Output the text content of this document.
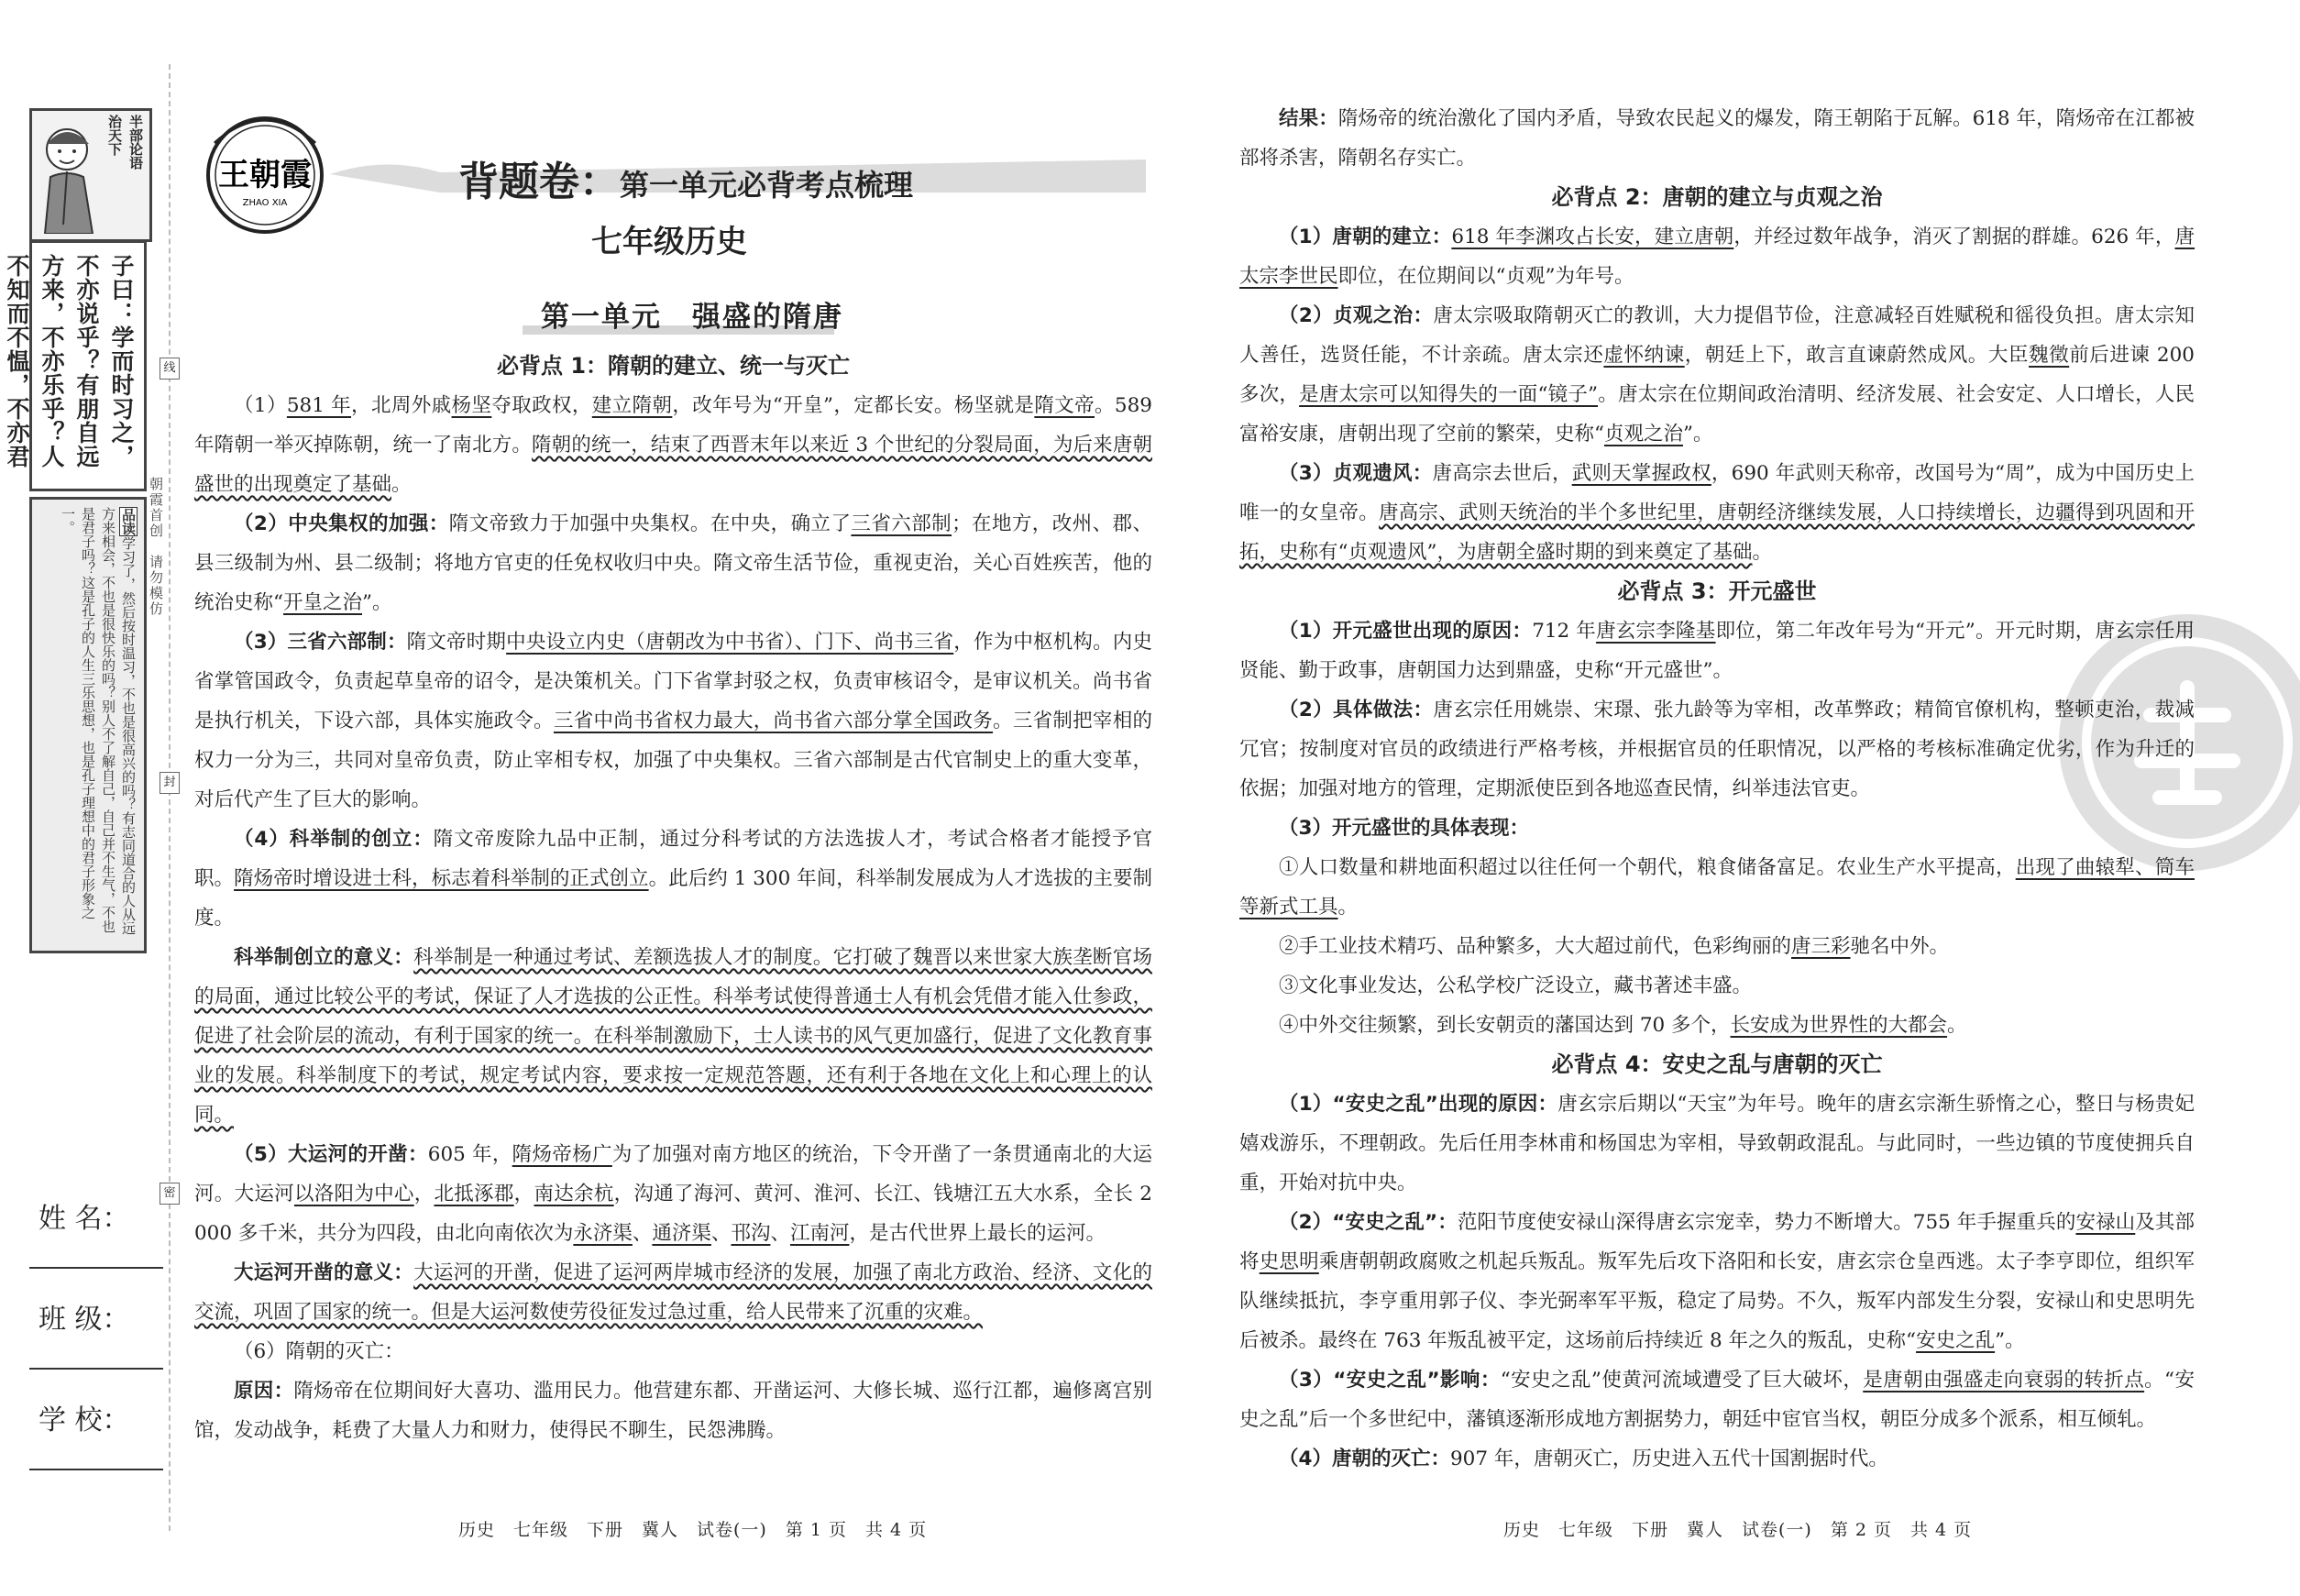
半部论语
治天下
子曰：学而时习之，不亦说乎？有朋自远方来，不亦乐乎？人不知而不愠，不亦君
品读学习了，然后按时温习，不也是很高兴的吗？有志同道合的人从远方来相会，不也是很快乐的吗？别人不了解自己，自己并不生气，不也是君子吗？这是孔子的人生三乐思想，也是孔子理想中的君子形象之一。	朝霞首创　请勿模仿
姓 名：
班 级：
学 校：
线
封
密
王朝霞
ZHAO XIA	背题卷：第一单元必背考点梳理
七年级历史
第一单元　强盛的隋唐

必背点 1：隋朝的建立、统一与灭亡

（1）581 年，北周外戚杨坚夺取政权，建立隋朝，改年号为“开皇”，定都长安。杨坚就是隋文帝。589 年隋朝一举灭掉陈朝，统一了南北方。隋朝的统一，结束了西晋末年以来近 3 个世纪的分裂局面，为后来唐朝盛世的出现奠定了基础。

（2）中央集权的加强：隋文帝致力于加强中央集权。在中央，确立了三省六部制；在地方，改州、郡、县三级制为州、县二级制；将地方官吏的任免权收归中央。隋文帝生活节俭，重视吏治，关心百姓疾苦，他的统治史称“开皇之治”。

（3）三省六部制：隋文帝时期中央设立内史（唐朝改为中书省）、门下、尚书三省，作为中枢机构。内史省掌管国政令，负责起草皇帝的诏令，是决策机关。门下省掌封驳之权，负责审核诏令，是审议机关。尚书省是执行机关，下设六部，具体实施政令。三省中尚书省权力最大，尚书省六部分掌全国政务。三省制把宰相的权力一分为三，共同对皇帝负责，防止宰相专权，加强了中央集权。三省六部制是古代官制史上的重大变革，对后代产生了巨大的影响。

（4）科举制的创立：隋文帝废除九品中正制，通过分科考试的方法选拔人才，考试合格者才能授予官职。隋炀帝时增设进士科，标志着科举制的正式创立。此后约 1 300 年间，科举制发展成为人才选拔的主要制度。

科举制创立的意义：科举制是一种通过考试、差额选拔人才的制度。它打破了魏晋以来世家大族垄断官场的局面，通过比较公平的考试，保证了人才选拔的公正性。科举考试使得普通士人有机会凭借才能入仕参政，促进了社会阶层的流动，有利于国家的统一。在科举制激励下，士人读书的风气更加盛行，促进了文化教育事业的发展。科举制度下的考试，规定考试内容，要求按一定规范答题，还有利于各地在文化上和心理上的认同。

（5）大运河的开凿：605 年，隋炀帝杨广为了加强对南方地区的统治，下令开凿了一条贯通南北的大运河。大运河以洛阳为中心，北抵涿郡，南达余杭，沟通了海河、黄河、淮河、长江、钱塘江五大水系，全长 2 000 多千米，共分为四段，由北向南依次为永济渠、通济渠、邗沟、江南河，是古代世界上最长的运河。

大运河开凿的意义：大运河的开凿，促进了运河两岸城市经济的发展，加强了南北方政治、经济、文化的交流，巩固了国家的统一。但是大运河数使劳役征发过急过重，给人民带来了沉重的灾难。

（6）隋朝的灭亡：

原因：隋炀帝在位期间好大喜功、滥用民力。他营建东都、开凿运河、大修长城、巡行江都，遍修离宫别馆，发动战争，耗费了大量人力和财力，使得民不聊生，民怨沸腾。

历史　七年级　下册　冀人　试卷(一)　第 1 页　共 4 页

结果：隋炀帝的统治激化了国内矛盾，导致农民起义的爆发，隋王朝陷于瓦解。618 年，隋炀帝在江都被部将杀害，隋朝名存实亡。

必背点 2：唐朝的建立与贞观之治

（1）唐朝的建立：618 年李渊攻占长安，建立唐朝，并经过数年战争，消灭了割据的群雄。626 年，唐太宗李世民即位，在位期间以“贞观”为年号。

（2）贞观之治：唐太宗吸取隋朝灭亡的教训，大力提倡节俭，注意减轻百姓赋税和徭役负担。唐太宗知人善任，选贤任能，不计亲疏。唐太宗还虚怀纳谏，朝廷上下，敢言直谏蔚然成风。大臣魏徵前后进谏 200 多次，是唐太宗可以知得失的一面“镜子”。唐太宗在位期间政治清明、经济发展、社会安定、人口增长，人民富裕安康，唐朝出现了空前的繁荣，史称“贞观之治”。

（3）贞观遗风：唐高宗去世后，武则天掌握政权，690 年武则天称帝，改国号为“周”，成为中国历史上唯一的女皇帝。唐高宗、武则天统治的半个多世纪里，唐朝经济继续发展，人口持续增长，边疆得到巩固和开拓，史称有“贞观遗风”，为唐朝全盛时期的到来奠定了基础。

必背点 3：开元盛世

（1）开元盛世出现的原因：712 年唐玄宗李隆基即位，第二年改年号为“开元”。开元时期，唐玄宗任用贤能、勤于政事，唐朝国力达到鼎盛，史称“开元盛世”。

（2）具体做法：唐玄宗任用姚崇、宋璟、张九龄等为宰相，改革弊政；精简官僚机构，整顿吏治，裁减冗官；按制度对官员的政绩进行严格考核，并根据官员的任职情况，以严格的考核标准确定优劣，作为升迁的依据；加强对地方的管理，定期派使臣到各地巡查民情，纠举违法官吏。

（3）开元盛世的具体表现：

①人口数量和耕地面积超过以往任何一个朝代，粮食储备富足。农业生产水平提高，出现了曲辕犁、筒车等新式工具。

②手工业技术精巧、品种繁多，大大超过前代，色彩绚丽的唐三彩驰名中外。

③文化事业发达，公私学校广泛设立，藏书著述丰盛。

④中外交往频繁，到长安朝贡的藩国达到 70 多个，长安成为世界性的大都会。

必背点 4：安史之乱与唐朝的灭亡

（1）“安史之乱”出现的原因：唐玄宗后期以“天宝”为年号。晚年的唐玄宗渐生骄惰之心，整日与杨贵妃嬉戏游乐，不理朝政。先后任用李林甫和杨国忠为宰相，导致朝政混乱。与此同时，一些边镇的节度使拥兵自重，开始对抗中央。

（2）“安史之乱”：范阳节度使安禄山深得唐玄宗宠幸，势力不断增大。755 年手握重兵的安禄山及其部将史思明乘唐朝朝政腐败之机起兵叛乱。叛军先后攻下洛阳和长安，唐玄宗仓皇西逃。太子李亨即位，组织军队继续抵抗，李亨重用郭子仪、李光弼率军平叛，稳定了局势。不久，叛军内部发生分裂，安禄山和史思明先后被杀。最终在 763 年叛乱被平定，这场前后持续近 8 年之久的叛乱，史称“安史之乱”。

（3）“安史之乱”影响：“安史之乱”使黄河流域遭受了巨大破坏，是唐朝由强盛走向衰弱的转折点。“安史之乱”后一个多世纪中，藩镇逐渐形成地方割据势力，朝廷中宦官当权，朝臣分成多个派系，相互倾轧。

（4）唐朝的灭亡：907 年，唐朝灭亡，历史进入五代十国割据时代。

历史　七年级　下册　冀人　试卷(一)　第 2 页　共 4 页
